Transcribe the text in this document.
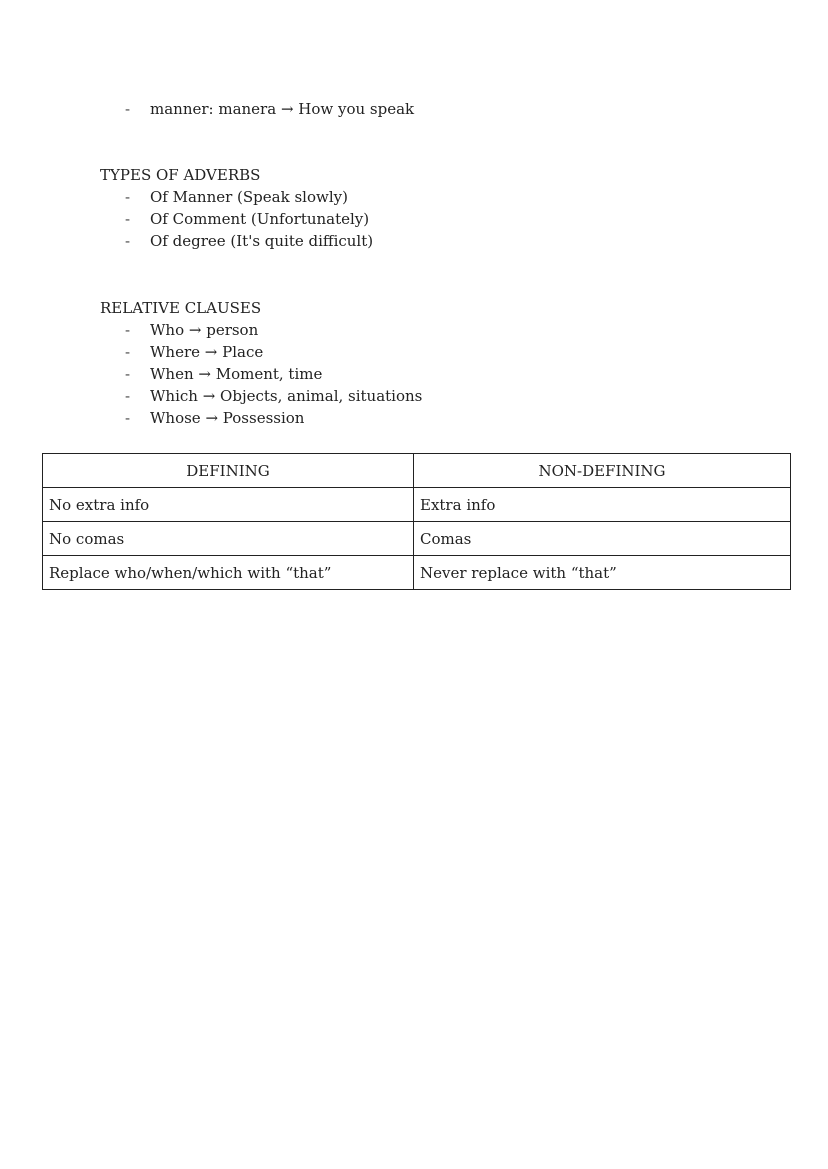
-	manner: manera → How you speak
TYPES OF ADVERBS
-	Of Manner (Speak slowly)
-	Of Comment (Unfortunately)
-	Of degree (It's quite difficult)
RELATIVE CLAUSES
-	Who → person
-	Where → Place
-	When → Moment, time
-	Which → Objects, animal, situations
-	Whose → Possession
DEFINING	NON-DEFINING
No extra info	Extra info
No comas	Comas
Replace who/when/which with “that”	Never replace with “that”
